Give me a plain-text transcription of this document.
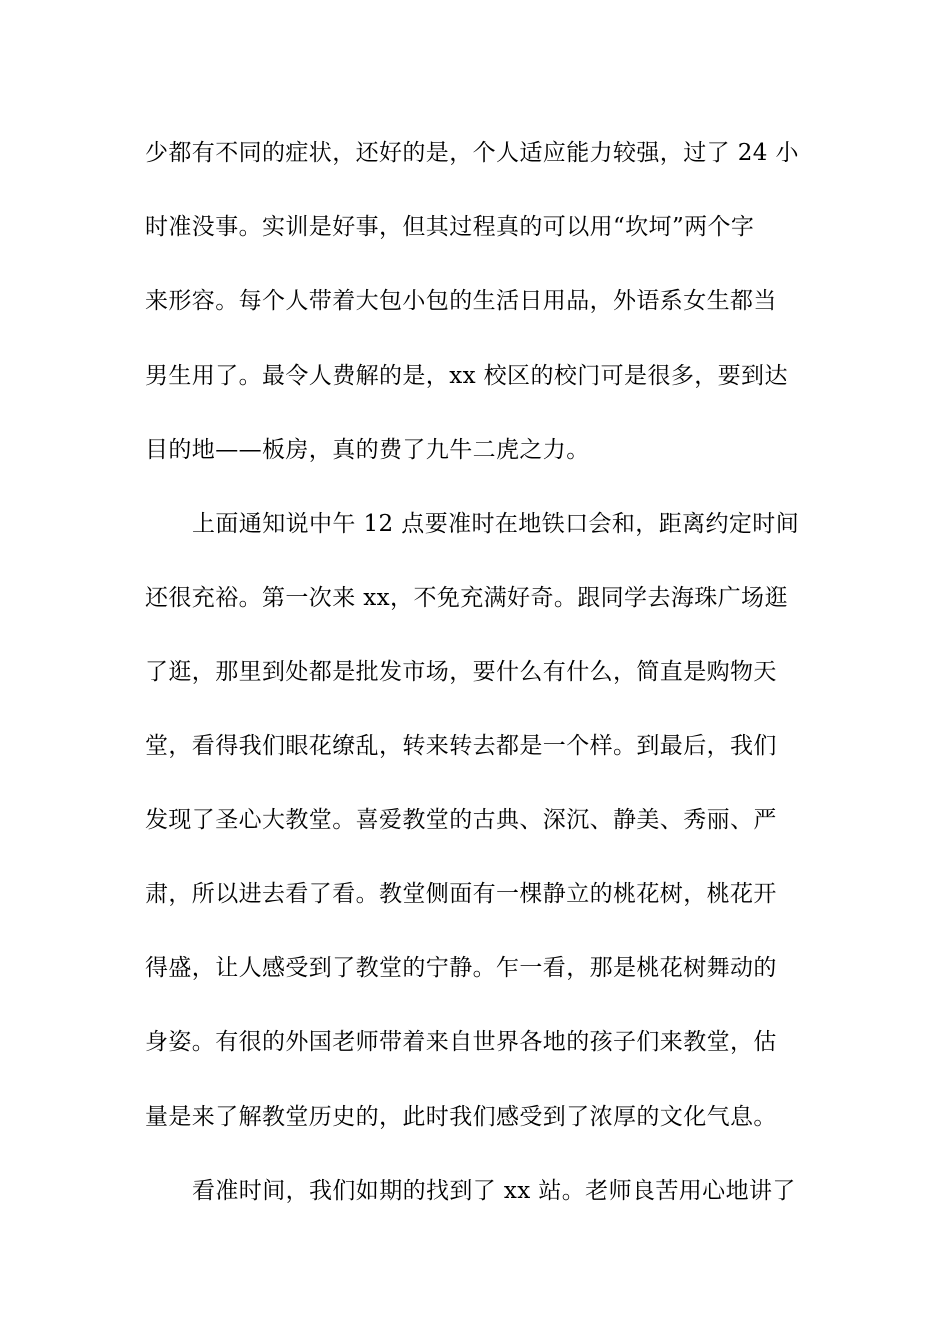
少都有不同的症状，还好的是，个人适应能力较强，过了 24 小
时准没事。实训是好事，但其过程真的可以用“坎坷”两个字
来形容。每个人带着大包小包的生活日用品，外语系女生都当
男生用了。最令人费解的是，xx 校区的校门可是很多，要到达
目的地——板房，真的费了九牛二虎之力。
上面通知说中午 12 点要准时在地铁口会和，距离约定时间
还很充裕。第一次来 xx，不免充满好奇。跟同学去海珠广场逛
了逛，那里到处都是批发市场，要什么有什么，简直是购物天
堂，看得我们眼花缭乱，转来转去都是一个样。到最后，我们
发现了圣心大教堂。喜爱教堂的古典、深沉、静美、秀丽、严
肃，所以进去看了看。教堂侧面有一棵静立的桃花树，桃花开
得盛，让人感受到了教堂的宁静。乍一看，那是桃花树舞动的
身姿。有很的外国老师带着来自世界各地的孩子们来教堂，估
量是来了解教堂历史的，此时我们感受到了浓厚的文化气息。
看准时间，我们如期的找到了 xx 站。老师良苦用心地讲了
